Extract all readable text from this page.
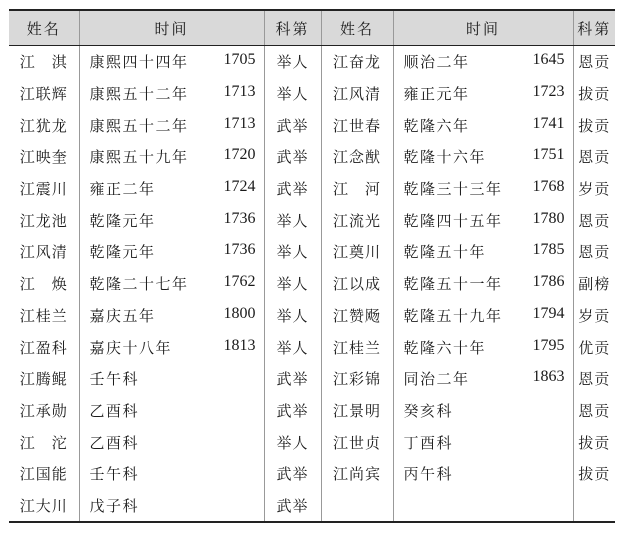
姓名	时间	科第	姓名	时间	科第
江　淇	康熙四十四年 1705	举人	江奋龙	顺治二年 1645	恩贡
江联辉	康熙五十二年 1713	举人	江风清	雍正元年 1723	拔贡
江犹龙	康熙五十二年 1713	武举	江世春	乾隆六年 1741	拔贡
江映奎	康熙五十九年 1720	武举	江念猷	乾隆十六年 1751	恩贡
江震川	雍正二年 1724	武举	江　河	乾隆三十三年 1768	岁贡
江龙池	乾隆元年 1736	举人	江流光	乾隆四十五年 1780	恩贡
江风清	乾隆元年 1736	举人	江奠川	乾隆五十年 1785	恩贡
江　焕	乾隆二十七年 1762	举人	江以成	乾隆五十一年 1786	副榜
江桂兰	嘉庆五年 1800	举人	江赞飏	乾隆五十九年 1794	岁贡
江盈科	嘉庆十八年 1813	举人	江桂兰	乾隆六十年 1795	优贡
江腾鲲	壬午科	武举	江彩锦	同治二年 1863	恩贡
江承勋	乙酉科	武举	江景明	癸亥科	恩贡
江　沱	乙酉科	举人	江世贞	丁酉科	拔贡
江国能	壬午科	武举	江尚宾	丙午科	拔贡
江大川	戊子科	武举		
